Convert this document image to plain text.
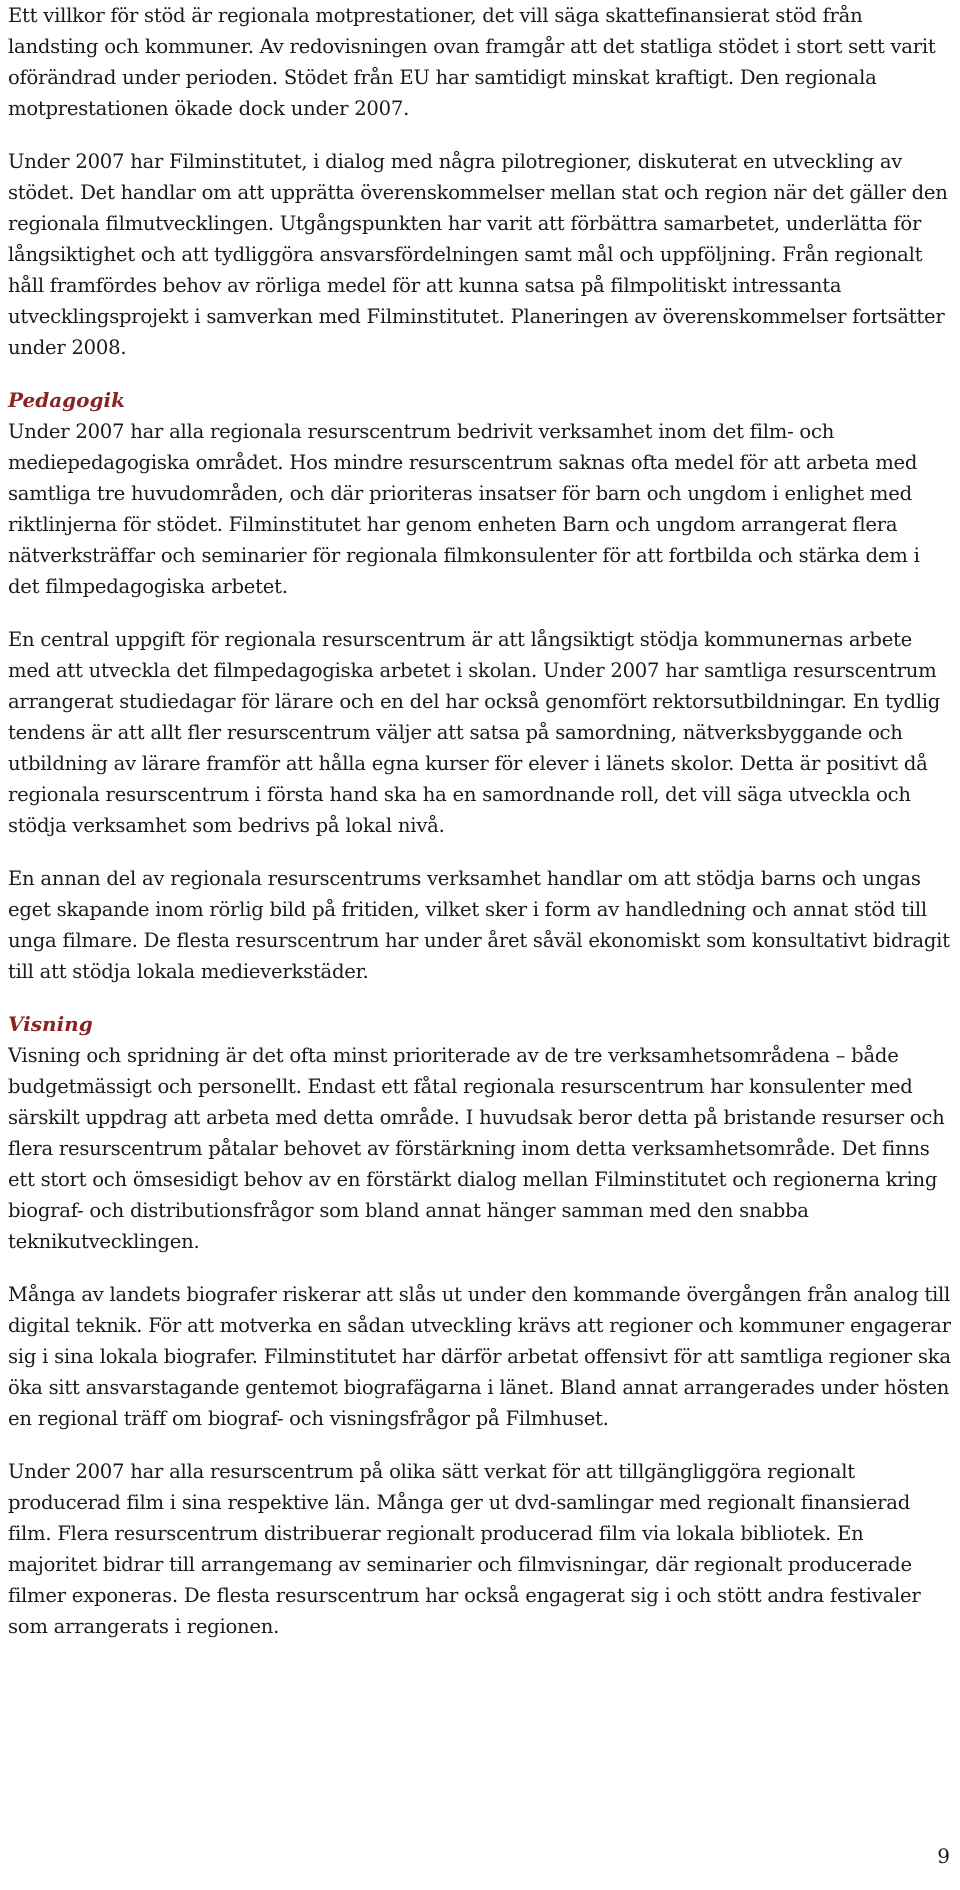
Ett villkor för stöd är regionala motprestationer, det vill säga skattefinansierat stöd från landsting och kommuner. Av redovisningen ovan framgår att det statliga stödet i stort sett varit oförändrad under perioden. Stödet från EU har samtidigt minskat kraftigt. Den regionala motprestationen ökade dock under 2007.

Under 2007 har Filminstitutet, i dialog med några pilotregioner, diskuterat en utveckling av stödet. Det handlar om att upprätta överenskommelser mellan stat och region när det gäller den regionala filmutvecklingen. Utgångspunkten har varit att förbättra samarbetet, underlätta för långsiktighet och att tydliggöra ansvarsfördelningen samt mål och uppföljning. Från regionalt håll framfördes behov av rörliga medel för att kunna satsa på filmpolitiskt intressanta utvecklingsprojekt i samverkan med Filminstitutet. Planeringen av överenskommelser fortsätter under 2008.

Pedagogik

Under 2007 har alla regionala resurscentrum bedrivit verksamhet inom det film- och mediepedagogiska området. Hos mindre resurscentrum saknas ofta medel för att arbeta med samtliga tre huvudområden, och där prioriteras insatser för barn och ungdom i enlighet med riktlinjerna för stödet. Filminstitutet har genom enheten Barn och ungdom arrangerat flera nätverksträffar och seminarier för regionala filmkonsulenter för att fortbilda och stärka dem i det filmpedagogiska arbetet.

En central uppgift för regionala resurscentrum är att långsiktigt stödja kommunernas arbete med att utveckla det filmpedagogiska arbetet i skolan. Under 2007 har samtliga resurscentrum arrangerat studiedagar för lärare och en del har också genomfört rektorsutbildningar. En tydlig tendens är att allt fler resurscentrum väljer att satsa på samordning, nätverksbyggande och utbildning av lärare framför att hålla egna kurser för elever i länets skolor. Detta är positivt då regionala resurscentrum i första hand ska ha en samordnande roll, det vill säga utveckla och stödja verksamhet som bedrivs på lokal nivå.

En annan del av regionala resurscentrums verksamhet handlar om att stödja barns och ungas eget skapande inom rörlig bild på fritiden, vilket sker i form av handledning och annat stöd till unga filmare. De flesta resurscentrum har under året såväl ekonomiskt som konsultativt bidragit till att stödja lokala medieverkstäder.

Visning

Visning och spridning är det ofta minst prioriterade av de tre verksamhetsområdena – både budgetmässigt och personellt. Endast ett fåtal regionala resurscentrum har konsulenter med särskilt uppdrag att arbeta med detta område. I huvudsak beror detta på bristande resurser och flera resurscentrum påtalar behovet av förstärkning inom detta verksamhetsområde. Det finns ett stort och ömsesidigt behov av en förstärkt dialog mellan Filminstitutet och regionerna kring biograf- och distributionsfrågor som bland annat hänger samman med den snabba teknikutvecklingen.

Många av landets biografer riskerar att slås ut under den kommande övergången från analog till digital teknik. För att motverka en sådan utveckling krävs att regioner och kommuner engagerar sig i sina lokala biografer. Filminstitutet har därför arbetat offensivt för att samtliga regioner ska öka sitt ansvarstagande gentemot biografägarna i länet. Bland annat arrangerades under hösten en regional träff om biograf- och visningsfrågor på Filmhuset.

Under 2007 har alla resurscentrum på olika sätt verkat för att tillgängliggöra regionalt producerad film i sina respektive län. Många ger ut dvd-samlingar med regionalt finansierad film. Flera resurscentrum distribuerar regionalt producerad film via lokala bibliotek. En majoritet bidrar till arrangemang av seminarier och filmvisningar, där regionalt producerade filmer exponeras. De flesta resurscentrum har också engagerat sig i och stött andra festivaler som arrangerats i regionen.

9
